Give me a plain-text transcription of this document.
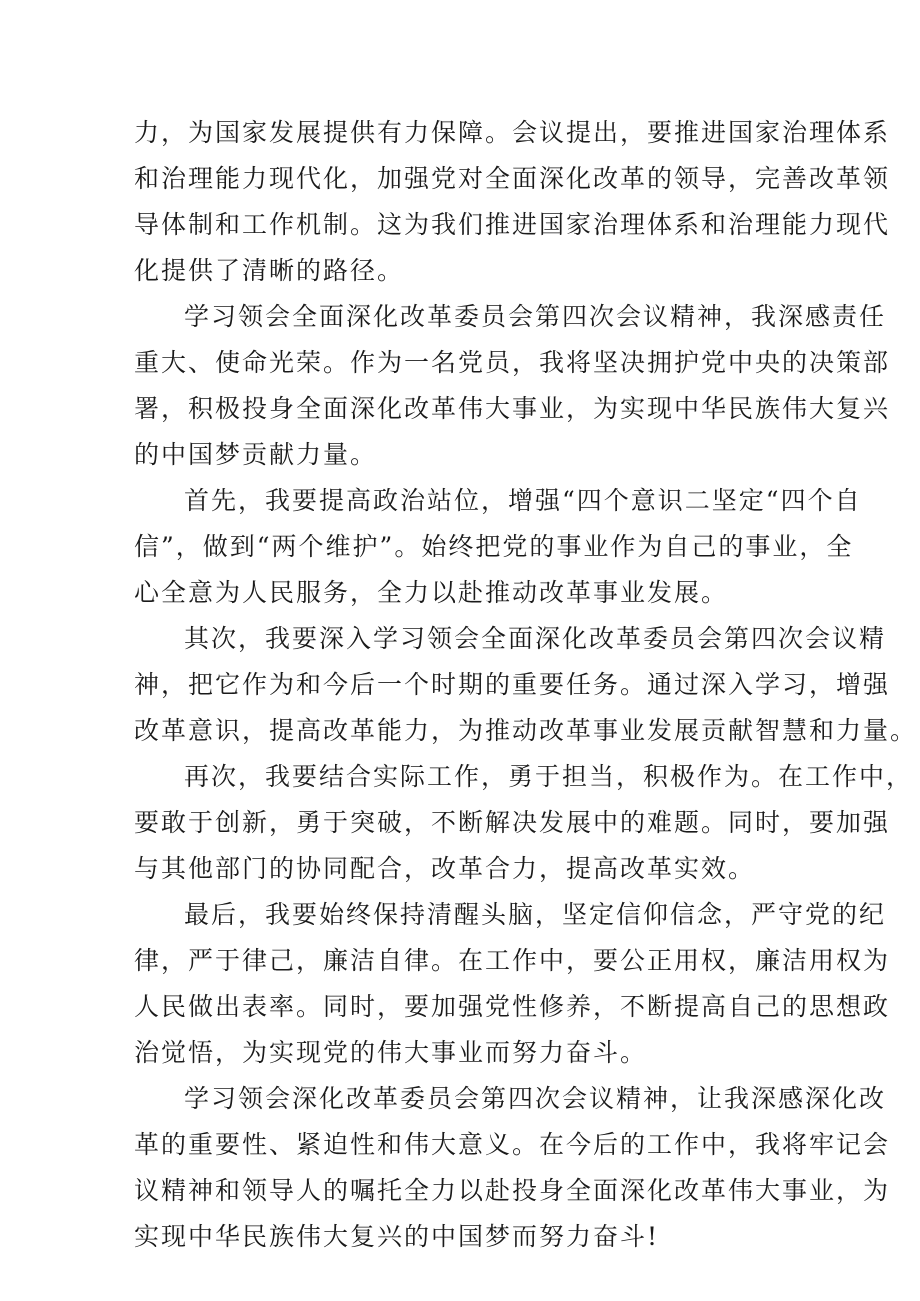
力，为国家发展提供有力保障。会议提出，要推进国家治理体系
和治理能力现代化，加强党对全面深化改革的领导，完善改革领
导体制和工作机制。这为我们推进国家治理体系和治理能力现代
化提供了清晰的路径。

学习领会全面深化改革委员会第四次会议精神，我深感责任
重大、使命光荣。作为一名党员，我将坚决拥护党中央的决策部
署，积极投身全面深化改革伟大事业，为实现中华民族伟大复兴
的中国梦贡献力量。

首先，我要提高政治站位，增强“四个意识二坚定“四个自
信”，做到“两个维护”。始终把党的事业作为自己的事业，全
心全意为人民服务，全力以赴推动改革事业发展。

其次，我要深入学习领会全面深化改革委员会第四次会议精
神，把它作为和今后一个时期的重要任务。通过深入学习，增强
改革意识，提高改革能力，为推动改革事业发展贡献智慧和力量。

再次，我要结合实际工作，勇于担当，积极作为。在工作中，
要敢于创新，勇于突破，不断解决发展中的难题。同时，要加强
与其他部门的协同配合，改革合力，提高改革实效。

最后，我要始终保持清醒头脑，坚定信仰信念，严守党的纪
律，严于律己，廉洁自律。在工作中，要公正用权，廉洁用权为
人民做出表率。同时，要加强党性修养，不断提高自己的思想政
治觉悟，为实现党的伟大事业而努力奋斗。

学习领会深化改革委员会第四次会议精神，让我深感深化改
革的重要性、紧迫性和伟大意义。在今后的工作中，我将牢记会
议精神和领导人的嘱托全力以赴投身全面深化改革伟大事业，为
实现中华民族伟大复兴的中国梦而努力奋斗!
